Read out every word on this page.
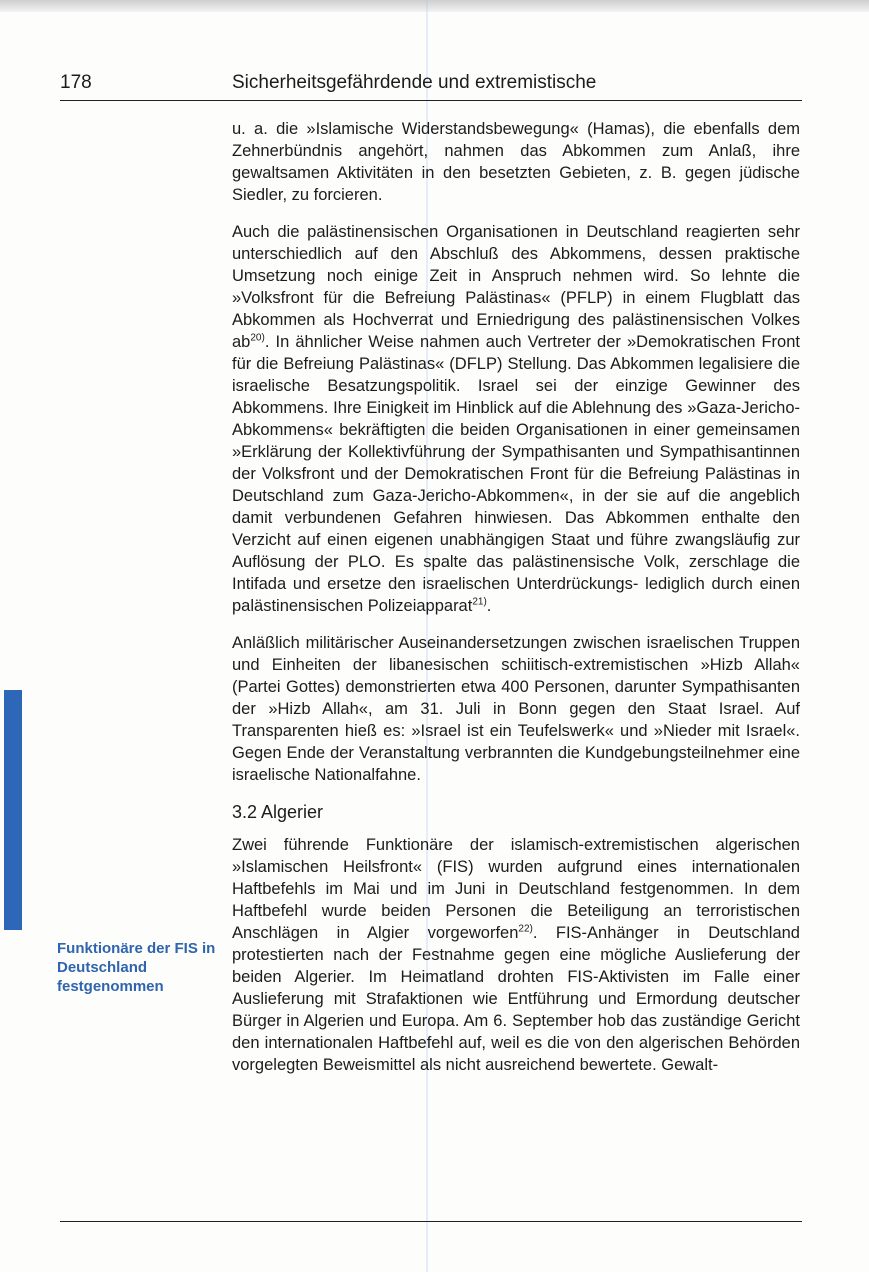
178	Sicherheitsgefährdende und extremistische
Funktionäre der FIS in Deutschland festgenommen

u. a. die »Islamische Widerstandsbewegung« (Hamas), die ebenfalls dem Zehnerbündnis angehört, nahmen das Abkommen zum Anlaß, ihre gewaltsamen Aktivitäten in den besetzten Gebieten, z. B. gegen jüdische Siedler, zu forcieren.

Auch die palästinensischen Organisationen in Deutschland reagierten sehr unterschiedlich auf den Abschluß des Abkommens, dessen praktische Umsetzung noch einige Zeit in Anspruch nehmen wird. So lehnte die »Volksfront für die Befreiung Palästinas« (PFLP) in einem Flugblatt das Abkommen als Hochverrat und Erniedrigung des palästinensischen Volkes $ab^{20)}$. In ähnlicher Weise nahmen auch Vertreter der »Demokratischen Front für die Befreiung Palästinas« (DFLP) Stellung. Das Abkommen legalisiere die israelische Besatzungspolitik. Israel sei der einzige Gewinner des Abkommens. Ihre Einigkeit im Hinblick auf die Ablehnung des »Gaza-Jericho-Abkommens« bekräftigten die beiden Organisationen in einer gemeinsamen »Erklärung der Kollektivführung der Sympathisanten und Sympathisantinnen der Volksfront und der Demokratischen Front für die Befreiung Palästinas in Deutschland zum Gaza-Jericho-Abkommen«, in der sie auf die angeblich damit verbundenen Gefahren hinwiesen. Das Abkommen enthalte den Verzicht auf einen eigenen unabhängigen Staat und führe zwangsläufig zur Auflösung der PLO. Es spalte das palästinensische Volk, zerschlage die Intifada und ersetze den israelischen Unterdrückungs- lediglich durch einen palästinensischen Polizeiapparat$^{21)}$.

Anläßlich militärischer Auseinandersetzungen zwischen israelischen Truppen und Einheiten der libanesischen schiitisch-extremistischen »Hizb Allah« (Partei Gottes) demonstrierten etwa 400 Personen, darunter Sympathisanten der »Hizb Allah«, am 31. Juli in Bonn gegen den Staat Israel. Auf Transparenten hieß es: »Israel ist ein Teufelswerk« und »Nieder mit Israel«. Gegen Ende der Veranstaltung verbrannten die Kundgebungsteilnehmer eine israelische Nationalfahne.

3.2 Algerier

Zwei führende Funktionäre der islamisch-extremistischen algerischen »Islamischen Heilsfront« (FIS) wurden aufgrund eines internationalen Haftbefehls im Mai und im Juni in Deutschland festgenommen. In dem Haftbefehl wurde beiden Personen die Beteiligung an terroristischen Anschlägen in Algier vorgeworfen$^{22)}$. FIS-Anhänger in Deutschland protestierten nach der Festnahme gegen eine mögliche Auslieferung der beiden Algerier. Im Heimatland drohten FIS-Aktivisten im Falle einer Auslieferung mit Strafaktionen wie Entführung und Ermordung deutscher Bürger in Algerien und Europa. Am 6. September hob das zuständige Gericht den internationalen Haftbefehl auf, weil es die von den algerischen Behörden vorgelegten Beweismittel als nicht ausreichend bewertete. Gewalt-
